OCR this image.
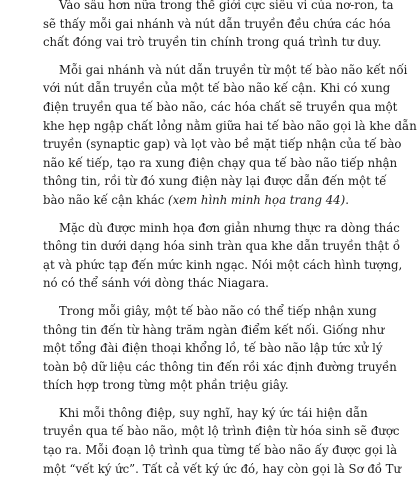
Vào sâu hơn nữa trong thế giới cực siêu vi của nơ-ron, ta
sẽ thấy mỗi gai nhánh và nút dẫn truyền đều chứa các hóa
chất đóng vai trò truyền tin chính trong quá trình tư duy.
Mỗi gai nhánh và nút dẫn truyền từ một tế bào não kết nối
với nút dẫn truyền của một tế bào não kế cận. Khi có xung
điện truyền qua tế bào não, các hóa chất sẽ truyền qua một
khe hẹp ngập chất lỏng nằm giữa hai tế bào não gọi là khe dẫn
truyền (synaptic gap) và lọt vào bề mặt tiếp nhận của tế bào
não kế tiếp, tạo ra xung điện chạy qua tế bào não tiếp nhận
thông tin, rồi từ đó xung điện này lại được dẫn đến một tế
bào não kế cận khác (xem hình minh họa trang 44).
Mặc dù được minh họa đơn giản nhưng thực ra dòng thác
thông tin dưới dạng hóa sinh tràn qua khe dẫn truyền thật ồ
ạt và phức tạp đến mức kinh ngạc. Nói một cách hình tượng,
nó có thể sánh với dòng thác Niagara.
Trong mỗi giây, một tế bào não có thể tiếp nhận xung
thông tin đến từ hàng trăm ngàn điểm kết nối. Giống như
một tổng đài điện thoại khổng lồ, tế bào não lập tức xử lý
toàn bộ dữ liệu các thông tin đến rồi xác định đường truyền
thích hợp trong từng một phần triệu giây.
Khi mỗi thông điệp, suy nghĩ, hay ký ức tái hiện dẫn
truyền qua tế bào não, một lộ trình điện từ hóa sinh sẽ được
tạo ra. Mỗi đoạn lộ trình qua từng tế bào não ấy được gọi là
một “vết ký ức”. Tất cả vết ký ức đó, hay còn gọi là Sơ đồ Tư
